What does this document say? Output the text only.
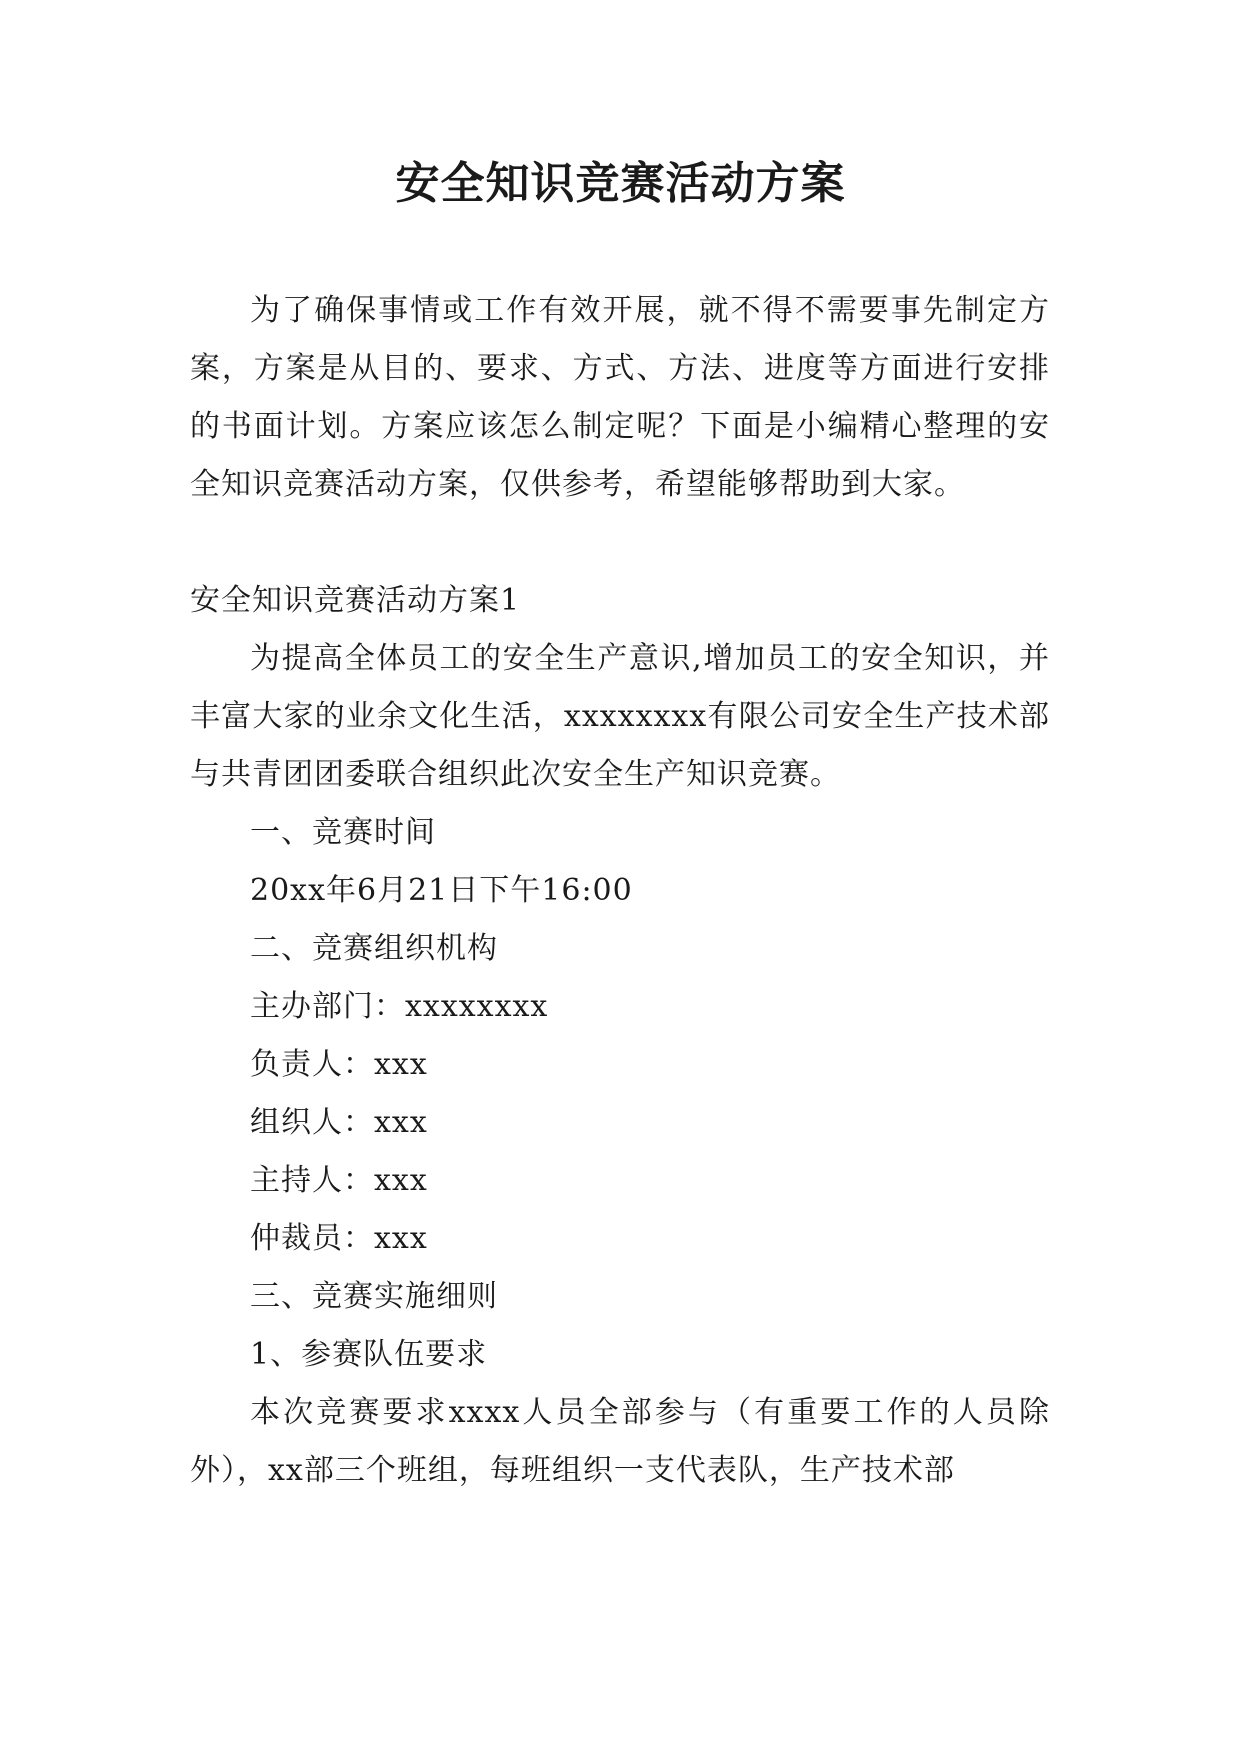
安全知识竞赛活动方案

为了确保事情或工作有效开展，就不得不需要事先制定方案，方案是从目的、要求、方式、方法、进度等方面进行安排的书面计划。方案应该怎么制定呢？下面是小编精心整理的安全知识竞赛活动方案，仅供参考，希望能够帮助到大家。

安全知识竞赛活动方案1

为提高全体员工的安全生产意识,增加员工的安全知识，并丰富大家的业余文化生活，xxxxxxxx有限公司安全生产技术部与共青团团委联合组织此次安全生产知识竞赛。

一、竞赛时间

20xx年6月21日下午16:00

二、竞赛组织机构

主办部门：xxxxxxxx

负责人：xxx

组织人：xxx

主持人：xxx

仲裁员：xxx

三、竞赛实施细则

1、参赛队伍要求

本次竞赛要求xxxx人员全部参与（有重要工作的人员除外），xx部三个班组，每班组织一支代表队，生产技术部
